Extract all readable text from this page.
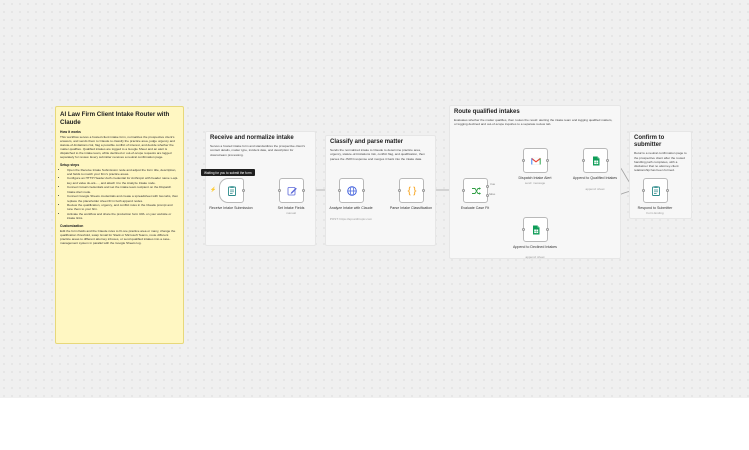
AI Law Firm Client Intake Router with Claude
How it works

This workflow serves a hosted client intake form, normalizes the prospective client's answers, and sends them to Claude to classify the practice area, judge urgency and statute-of-limitations risk, flag a possible conflict of interest, and decide whether the matter qualifies. Qualified intakes are logged to a Google Sheet and an alert is dispatched to the intake team, while declined or out-of-scope requests are logged separately for review. Every submitter receives a neutral confirmation page.

Setup steps
• Open the Receive Intake Submission node and adjust the form title, description, and fields to match your firm's practice areas.
• Configure an HTTP Header Auth credential for Anthropic with header name x-api-key and value sk-ant-..., and attach it to the Analyze Intake node.
• Connect Gmail credentials and set the intake team recipient on the Dispatch Intake Alert node.
• Connect Google Sheets credentials and create a spreadsheet with two tabs, then replace the placeholder sheet ID in both append nodes.
• Review the qualification, urgency, and conflict rules in the Claude prompt and tune them to your firm.
• Activate the workflow and share the production form URL on your website or intake links.
Customization

Edit the form fields and the Claude rules to fit one practice area or many, change the qualification threshold, swap Gmail for Slack or Microsoft Teams, route different practice areas to different attorney inboxes, or send qualified intakes into a case-management system in parallel with the Google Sheets log.

Receive and normalize intake

Serves a hosted intake form and standardizes the prospective client's contact details, matter type, incident date, and description for downstream processing.

Classify and parse matter

Sends the normalized intake to Claude to determine practice area, urgency, statute-of-limitations risk, conflict flag, and qualification, then parses the JSON response and merges it back into the intake data.

Route qualified intakes

Evaluates whether the matter qualifies, then routes the result: alerting the intake team and logging qualified matters, or logging declined and out-of-scope inquiries to a separate review tab.

Confirm to submitter

Returns a neutral confirmation page to the prospective client after the routed handling path completes, with a disclaimer that no attorney-client relationship has been formed.

Waiting for you to submit the form
⚡
Receive Intake Submission	Set Intake Fields
manual
Analyze Intake with Claude
POST: https://api.anthropic.com
Parse Intake Classification	Evaluate Case Fit
true
false
Dispatch Intake Alert
send: message
Append to Qualified Intakes
append: sheet
Append to Declined Intakes
append: sheet
Respond to Submitter
Form Ending
